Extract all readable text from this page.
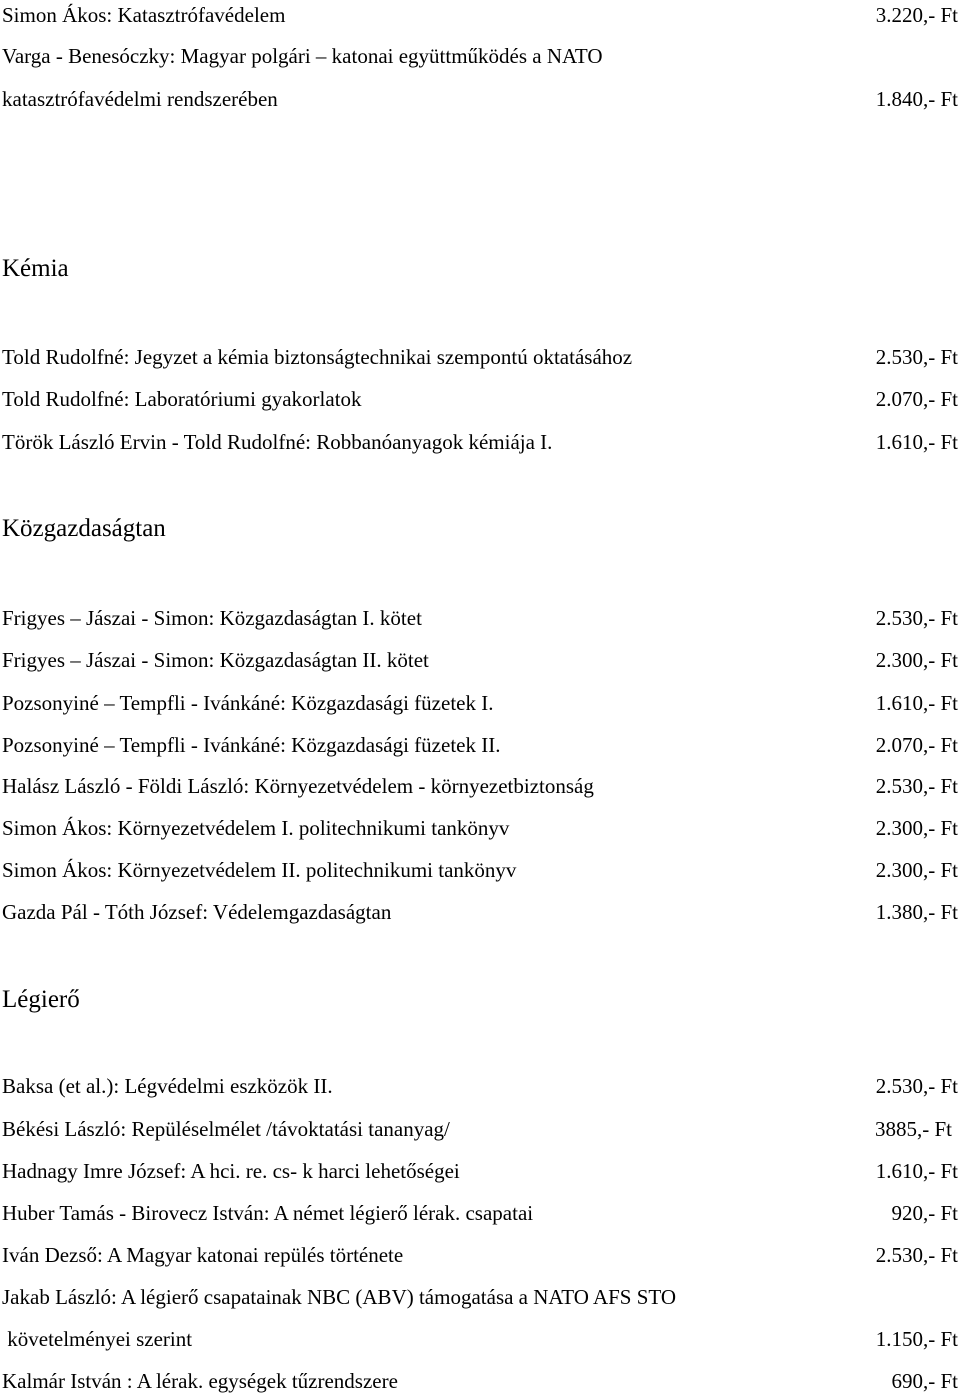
Simon Ákos: Katasztrófavédelem	3.220,- Ft
Varga - Benesóczky: Magyar polgári – katonai együttműködés a NATO
katasztrófavédelmi rendszerében	1.840,- Ft
Kémia
Told Rudolfné: Jegyzet a kémia biztonságtechnikai szempontú oktatásához	2.530,- Ft
Told Rudolfné: Laboratóriumi gyakorlatok	2.070,- Ft
Török László Ervin - Told Rudolfné: Robbanóanyagok kémiája I.	1.610,- Ft
Közgazdaságtan
Frigyes – Jászai - Simon: Közgazdaságtan I. kötet	2.530,- Ft
Frigyes – Jászai - Simon: Közgazdaságtan II. kötet	2.300,- Ft
Pozsonyiné – Tempfli - Ivánkáné: Közgazdasági füzetek I.	1.610,- Ft
Pozsonyiné – Tempfli - Ivánkáné: Közgazdasági füzetek II.	2.070,- Ft
Halász László - Földi László: Környezetvédelem - környezetbiztonság	2.530,- Ft
Simon Ákos: Környezetvédelem I. politechnikumi tankönyv	2.300,- Ft
Simon Ákos: Környezetvédelem II. politechnikumi tankönyv	2.300,- Ft
Gazda Pál - Tóth József: Védelemgazdaságtan	1.380,- Ft
Légierő
Baksa (et al.): Légvédelmi eszközök II.	2.530,- Ft
Békési László: Repüléselmélet /távoktatási tananyag/	3885,- Ft
Hadnagy Imre József: A hci. re. cs- k harci lehetőségei	1.610,- Ft
Huber Tamás - Birovecz István: A német légierő lérak. csapatai	920,- Ft
Iván Dezső: A Magyar katonai repülés története	2.530,- Ft
Jakab László: A légierő csapatainak NBC (ABV) támogatása a NATO AFS STO
követelményei szerint	1.150,- Ft
Kalmár István : A lérak. egységek tűzrendszere	690,- Ft
